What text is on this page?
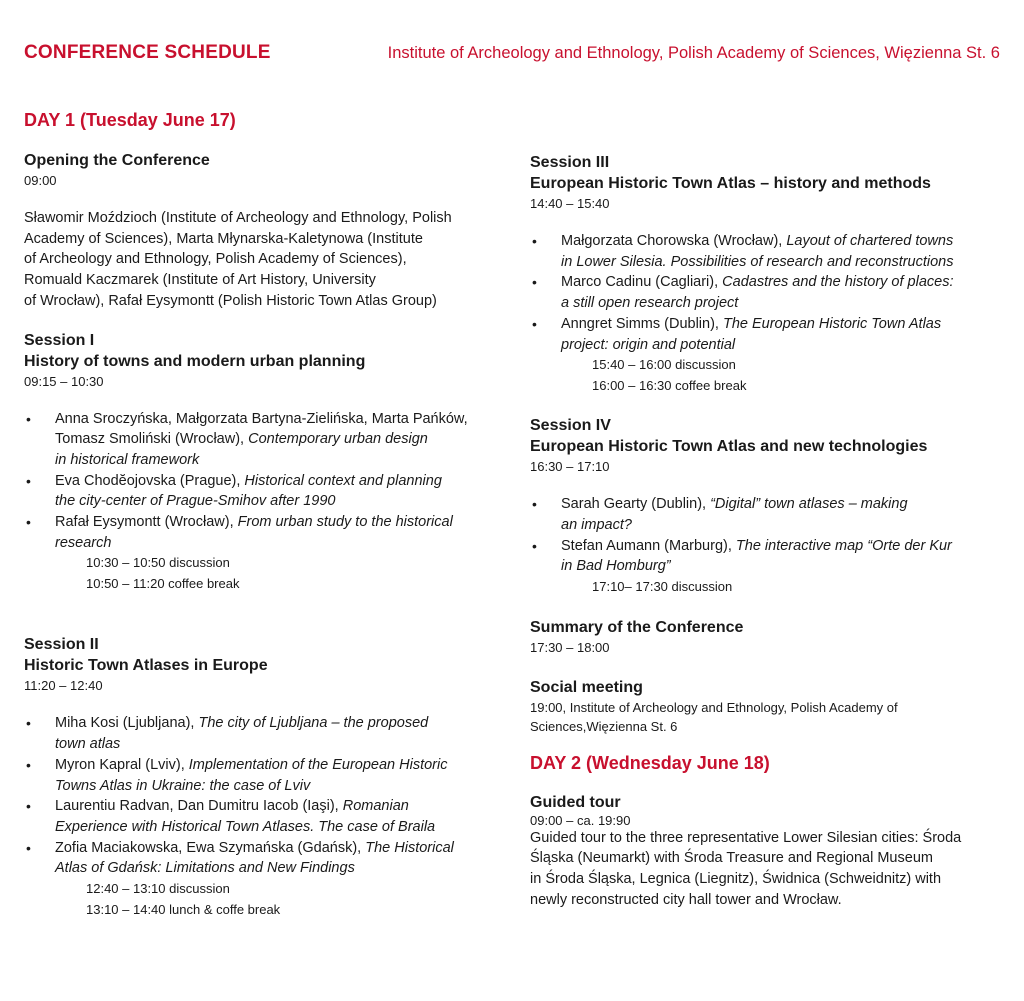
CONFERENCE SCHEDULE	Institute of Archeology and Ethnology, Polish Academy of Sciences, Więzienna St. 6
DAY 1 (Tuesday June 17)
Opening the Conference
09:00
Sławomir Moździoch (Institute of Archeology and Ethnology, Polish
Academy of Sciences), Marta Młynarska-Kaletynowa (Institute
of Archeology and Ethnology, Polish Academy of Sciences),
Romuald Kaczmarek (Institute of Art History, University
of Wrocław), Rafał Eysymontt (Polish Historic Town Atlas Group)
Session I
History of towns and modern urban planning
09:15 – 10:30
• Anna Sroczyńska, Małgorzata Bartyna-Zielińska, Marta Pańków,
Tomasz Smoliński (Wrocław), Contemporary urban design
in historical framework
• Eva Chodĕojovska (Prague), Historical context and planning
the city-center of Prague-Smihov after 1990
• Rafał Eysymontt (Wrocław), From urban study to the historical
research
10:30 – 10:50 discussion
10:50 – 11:20 coffee break
Session II
Historic Town Atlases in Europe
11:20 – 12:40
• Miha Kosi (Ljubljana), The city of Ljubljana – the proposed
town atlas
• Myron Kapral (Lviv), Implementation of the European Historic
Towns Atlas in Ukraine: the case of Lviv
• Laurentiu Radvan, Dan Dumitru Iacob (Iaşi), Romanian
Experience with Historical Town Atlases. The case of Braila
• Zofia Maciakowska, Ewa Szymańska (Gdańsk), The Historical
Atlas of Gdańsk: Limitations and New Findings
12:40 – 13:10 discussion
13:10 – 14:40 lunch & coffe break
Session III
European Historic Town Atlas – history and methods
14:40 – 15:40
• Małgorzata Chorowska (Wrocław), Layout of chartered towns
in Lower Silesia. Possibilities of research and reconstructions
• Marco Cadinu (Cagliari), Cadastres and the history of places:
a still open research project
• Anngret Simms (Dublin), The European Historic Town Atlas
project: origin and potential
15:40 – 16:00 discussion
16:00 – 16:30 coffee break
Session IV
European Historic Town Atlas and new technologies
16:30 – 17:10
• Sarah Gearty (Dublin), “Digital” town atlases – making
an impact?
• Stefan Aumann (Marburg), The interactive map “Orte der Kur
in Bad Homburg”
17:10– 17:30 discussion
Summary of the Conference
17:30 – 18:00
Social meeting
19:00, Institute of Archeology and Ethnology, Polish Academy of
Sciences,Więzienna St. 6
DAY 2 (Wednesday June 18)
Guided tour
09:00 – ca. 19:90
Guided tour to the three representative Lower Silesian cities: Środa
Śląska (Neumarkt) with Środa Treasure and Regional Museum
in Środa Śląska, Legnica (Liegnitz), Świdnica (Schweidnitz) with
newly reconstructed city hall tower and Wrocław.
